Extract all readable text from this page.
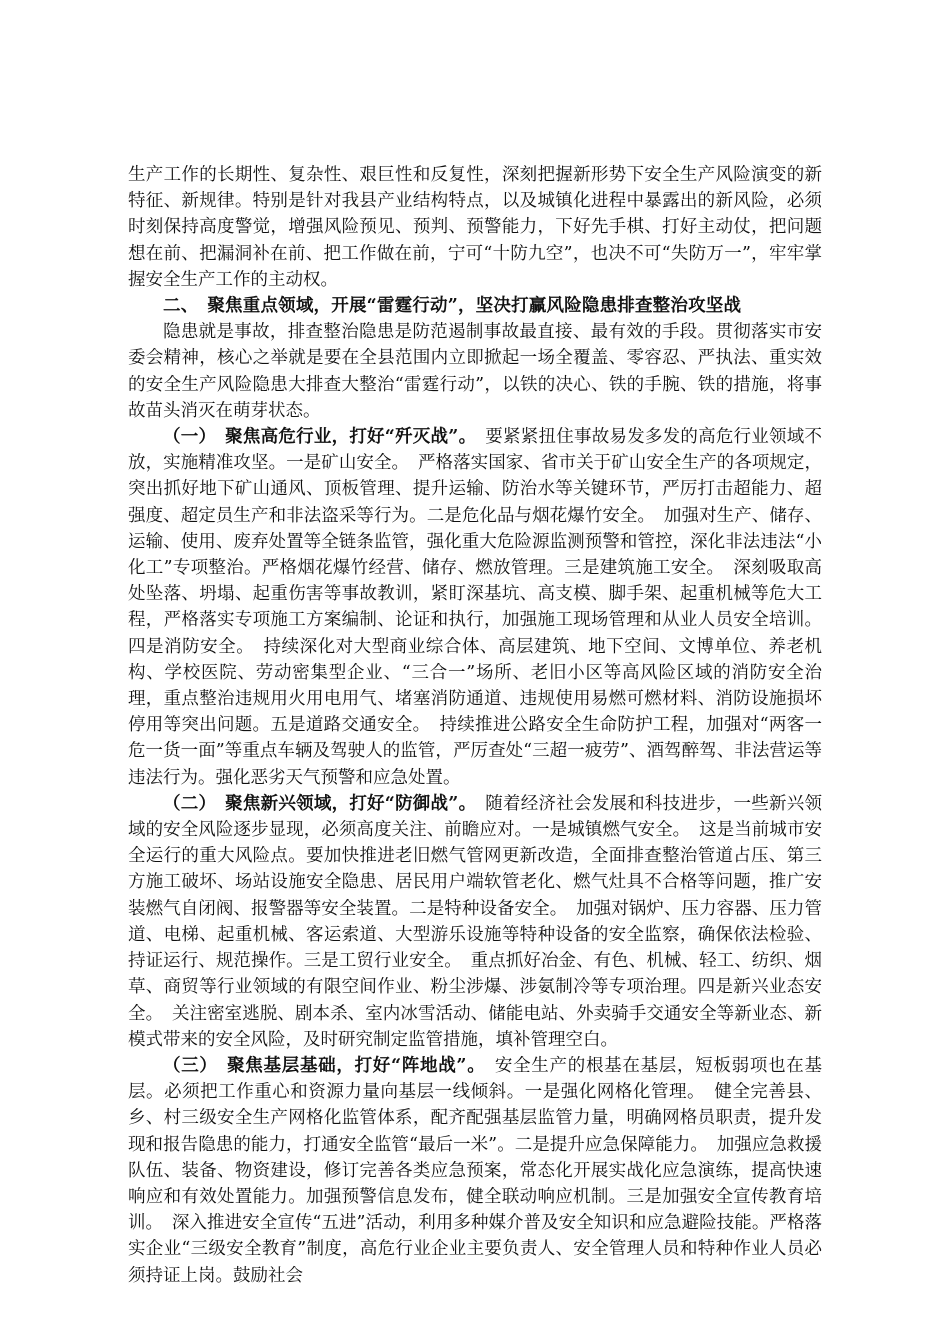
生产工作的长期性、复杂性、艰巨性和反复性，深刻把握新形势下安全生产风险演变的新特征、新规律。特别是针对我县产业结构特点，以及城镇化进程中暴露出的新风险，必须时刻保持高度警觉，增强风险预见、预判、预警能力，下好先手棋、打好主动仗，把问题想在前、把漏洞补在前、把工作做在前，宁可“十防九空”，也决不可“失防万一”，牢牢掌握安全生产工作的主动权。

二、　聚焦重点领域，开展“雷霆行动”，坚决打赢风险隐患排查整治攻坚战

隐患就是事故，排查整治隐患是防范遏制事故最直接、最有效的手段。贯彻落实市安委会精神，核心之举就是要在全县范围内立即掀起一场全覆盖、零容忍、严执法、重实效的安全生产风险隐患大排查大整治“雷霆行动”，以铁的决心、铁的手腕、铁的措施，将事故苗头消灭在萌芽状态。

（一）　聚焦高危行业，打好“歼灭战”。　要紧紧扭住事故易发多发的高危行业领域不放，实施精准攻坚。一是矿山安全。　严格落实国家、省市关于矿山安全生产的各项规定，突出抓好地下矿山通风、顶板管理、提升运输、防治水等关键环节，严厉打击超能力、超强度、超定员生产和非法盗采等行为。二是危化品与烟花爆竹安全。　加强对生产、储存、运输、使用、废弃处置等全链条监管，强化重大危险源监测预警和管控，深化非法违法“小化工”专项整治。严格烟花爆竹经营、储存、燃放管理。三是建筑施工安全。　深刻吸取高处坠落、坍塌、起重伤害等事故教训，紧盯深基坑、高支模、脚手架、起重机械等危大工程，严格落实专项施工方案编制、论证和执行，加强施工现场管理和从业人员安全培训。四是消防安全。　持续深化对大型商业综合体、高层建筑、地下空间、文博单位、养老机构、学校医院、劳动密集型企业、“三合一”场所、老旧小区等高风险区域的消防安全治理，重点整治违规用火用电用气、堵塞消防通道、违规使用易燃可燃材料、消防设施损坏停用等突出问题。五是道路交通安全。　持续推进公路安全生命防护工程，加强对“两客一危一货一面”等重点车辆及驾驶人的监管，严厉查处“三超一疲劳”、酒驾醉驾、非法营运等违法行为。强化恶劣天气预警和应急处置。

（二）　聚焦新兴领域，打好“防御战”。　随着经济社会发展和科技进步，一些新兴领域的安全风险逐步显现，必须高度关注、前瞻应对。一是城镇燃气安全。　这是当前城市安全运行的重大风险点。要加快推进老旧燃气管网更新改造，全面排查整治管道占压、第三方施工破坏、场站设施安全隐患、居民用户端软管老化、燃气灶具不合格等问题，推广安装燃气自闭阀、报警器等安全装置。二是特种设备安全。　加强对锅炉、压力容器、压力管道、电梯、起重机械、客运索道、大型游乐设施等特种设备的安全监察，确保依法检验、持证运行、规范操作。三是工贸行业安全。　重点抓好冶金、有色、机械、轻工、纺织、烟草、商贸等行业领域的有限空间作业、粉尘涉爆、涉氨制冷等专项治理。四是新兴业态安全。　关注密室逃脱、剧本杀、室内冰雪活动、储能电站、外卖骑手交通安全等新业态、新模式带来的安全风险，及时研究制定监管措施，填补管理空白。

（三）　聚焦基层基础，打好“阵地战”。　安全生产的根基在基层，短板弱项也在基层。必须把工作重心和资源力量向基层一线倾斜。一是强化网格化管理。　健全完善县、乡、村三级安全生产网格化监管体系，配齐配强基层监管力量，明确网格员职责，提升发现和报告隐患的能力，打通安全监管“最后一米”。二是提升应急保障能力。　加强应急救援队伍、装备、物资建设，修订完善各类应急预案，常态化开展实战化应急演练，提高快速响应和有效处置能力。加强预警信息发布，健全联动响应机制。三是加强安全宣传教育培训。　深入推进安全宣传“五进”活动，利用多种媒介普及安全知识和应急避险技能。严格落实企业“三级安全教育”制度，高危行业企业主要负责人、安全管理人员和特种作业人员必须持证上岗。鼓励社会
